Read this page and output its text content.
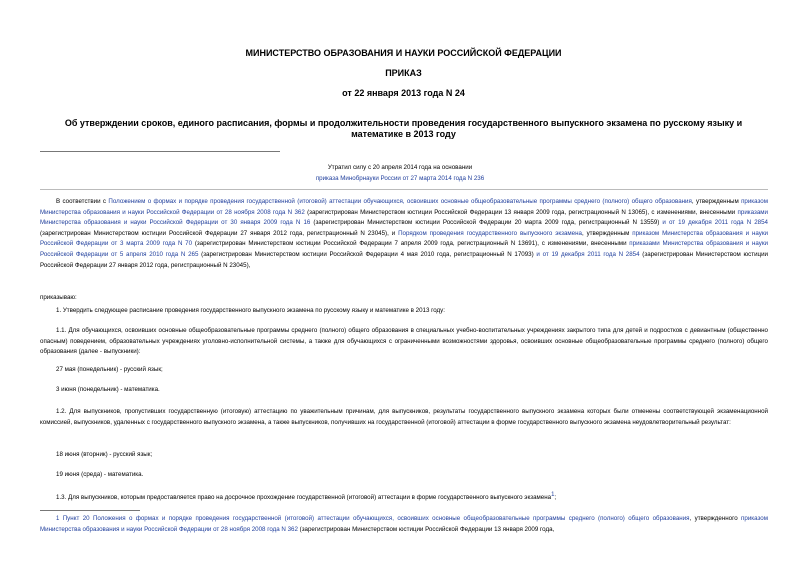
МИНИСТЕРСТВО ОБРАЗОВАНИЯ И НАУКИ РОССИЙСКОЙ ФЕДЕРАЦИИ
ПРИКАЗ
от 22 января 2013 года N 24
Об утверждении сроков, единого расписания, формы и продолжительности проведения государственного выпускного экзамена по русскому языку и математике в 2013 году
Утратил силу с 20 апреля 2014 года на основании
приказа Минобрнауки России от 27 марта 2014 года N 236

В соответствии с Положением о формах и порядке проведения государственной (итоговой) аттестации обучающихся, освоивших основные общеобразовательные программы среднего (полного) общего образования, утвержденным приказом Министерства образования и науки Российской Федерации от 28 ноября 2008 года N 362 (зарегистрирован Министерством юстиции Российской Федерации 13 января 2009 года, регистрационный N 13065), с изменениями, внесенными приказами Министерства образования и науки Российской Федерации от 30 января 2009 года N 16 (зарегистрирован Министерством юстиции Российской Федерации 20 марта 2009 года, регистрационный N 13559) и от 19 декабря 2011 года N 2854 (зарегистрирован Министерством юстиции Российской Федерации 27 января 2012 года, регистрационный N 23045), и Порядком проведения государственного выпускного экзамена, утвержденным приказом Министерства образования и науки Российской Федерации от 3 марта 2009 года N 70 (зарегистрирован Министерством юстиции Российской Федерации 7 апреля 2009 года, регистрационный N 13691), с изменениями, внесенными приказами Министерства образования и науки Российской Федерации от 5 апреля 2010 года N 265 (зарегистрирован Министерством юстиции Российской Федерации 4 мая 2010 года, регистрационный N 17093) и от 19 декабря 2011 года N 2854 (зарегистрирован Министерством юстиции Российской Федерации 27 января 2012 года, регистрационный N 23045),

приказываю:

1. Утвердить следующее расписание проведения государственного выпускного экзамена по русскому языку и математике в 2013 году:

1.1. Для обучающихся, освоивших основные общеобразовательные программы среднего (полного) общего образования в специальных учебно-воспитательных учреждениях закрытого типа для детей и подростков с девиантным (общественно опасным) поведением, образовательных учреждениях уголовно-исполнительной системы, а также для обучающихся с ограниченными возможностями здоровья, освоивших основные общеобразовательные программы среднего (полного) общего образования (далее - выпускники):

27 мая (понедельник) - русский язык;

3 июня (понедельник) - математика.

1.2. Для выпускников, пропустивших государственную (итоговую) аттестацию по уважительным причинам, для выпускников, результаты государственного выпускного экзамена которых были отменены соответствующей экзаменационной комиссией, выпускников, удаленных с государственного выпускного экзамена, а также выпускников, получивших на государственной (итоговой) аттестации в форме государственного выпускного экзамена неудовлетворительный результат:

18 июня (вторник) - русский язык;

19 июня (среда) - математика.

1.3. Для выпускников, которым предоставляется право на досрочное прохождение государственной (итоговой) аттестации в форме государственного выпускного экзамена$^1$;

1 Пункт 20 Положения о формах и порядке проведения государственной (итоговой) аттестации обучающихся, освоивших основные общеобразовательные программы среднего (полного) общего образования, утвержденного приказом Министерства образования и науки Российской Федерации от 28 ноября 2008 года N 362 (зарегистрирован Министерством юстиции Российской Федерации 13 января 2009 года,
